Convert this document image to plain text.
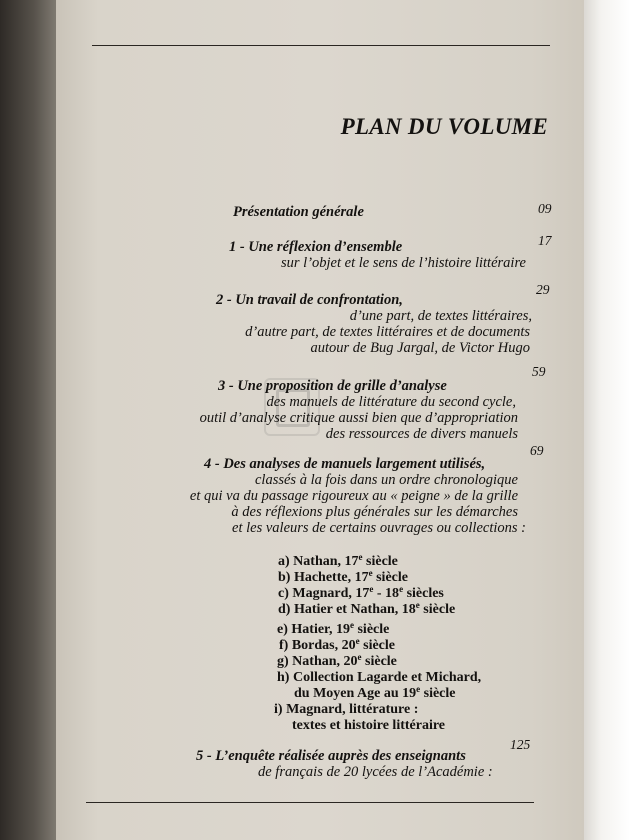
PLAN DU VOLUME
Présentation générale	09
1 - Une réflexion d’ensemble	17
sur l’objet et le sens de l’histoire littéraire
2 - Un travail de confrontation,
29
d’une part, de textes littéraires,
d’autre part, de textes littéraires et de documents
autour de Bug Jargal, de Victor Hugo
3 - Une proposition de grille d’analyse
59
des manuels de littérature du second cycle,
outil d’analyse critique aussi bien que d’appropriation
des ressources de divers manuels
4 - Des analyses de manuels largement utilisés,
69
classés à la fois dans un ordre chronologique
et qui va du passage rigoureux au « peigne » de la grille
à des réflexions plus générales sur les démarches
et les valeurs de certains ouvrages ou collections :
a) Nathan, 17e siècle
b) Hachette, 17e siècle
c) Magnard, 17e - 18e siècles
d) Hatier et Nathan, 18e siècle
e) Hatier, 19e siècle
f) Bordas, 20e siècle
g) Nathan, 20e siècle
h) Collection Lagarde et Michard,
du Moyen Age au 19e siècle
i) Magnard, littérature :
textes et histoire littéraire
5 - L’enquête réalisée auprès des enseignants
125
de français de 20 lycées de l’Académie :
